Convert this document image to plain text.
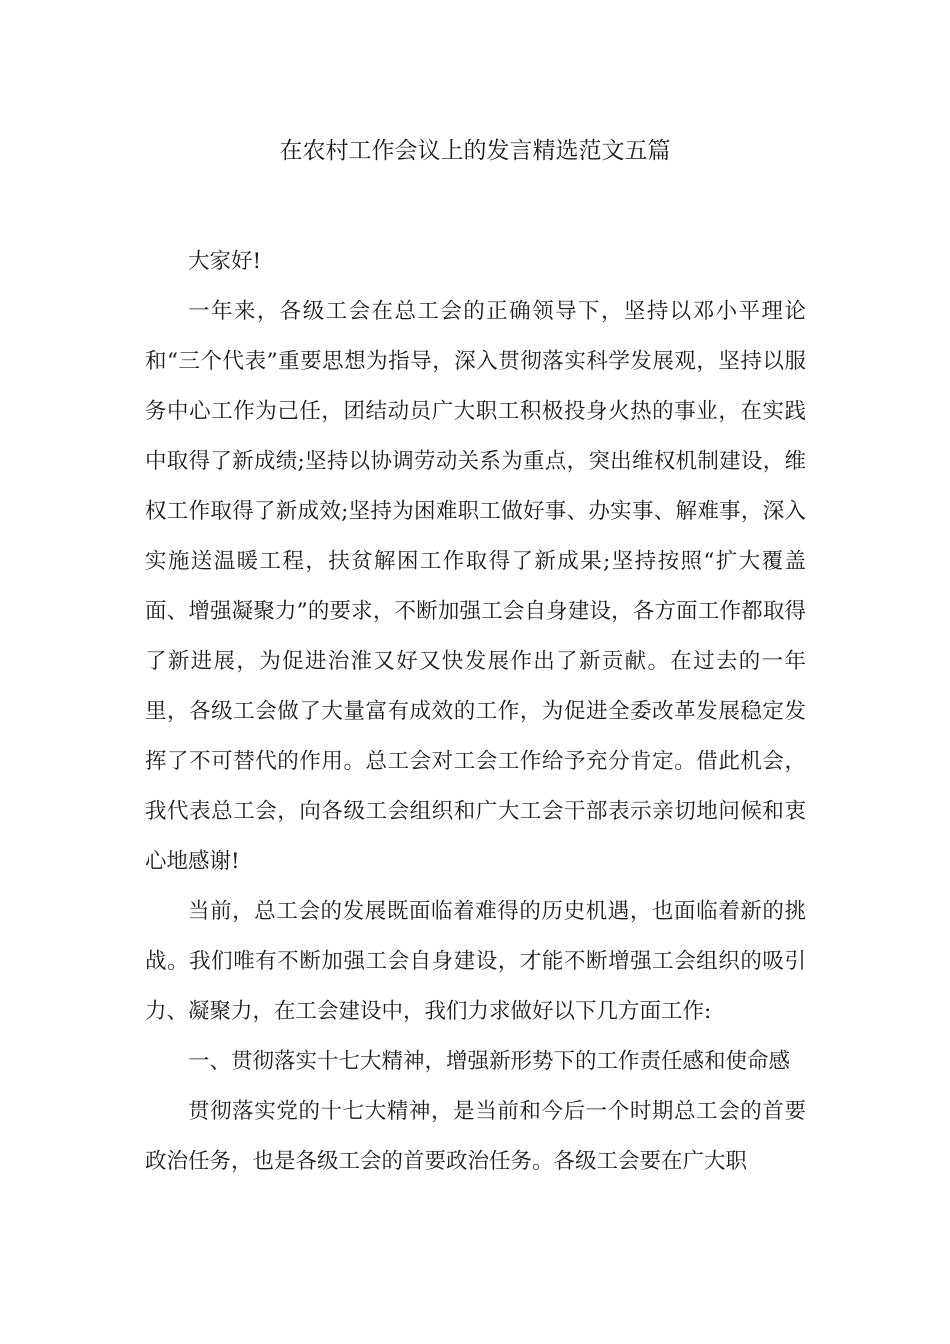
在农村工作会议上的发言精选范文五篇

大家好!

一年来，各级工会在总工会的正确领导下，坚持以邓小平理论和“三个代表”重要思想为指导，深入贯彻落实科学发展观，坚持以服务中心工作为己任，团结动员广大职工积极投身火热的事业，在实践中取得了新成绩;坚持以协调劳动关系为重点，突出维权机制建设，维权工作取得了新成效;坚持为困难职工做好事、办实事、解难事，深入实施送温暖工程，扶贫解困工作取得了新成果;坚持按照“扩大覆盖面、增强凝聚力”的要求，不断加强工会自身建设，各方面工作都取得了新进展，为促进治淮又好又快发展作出了新贡献。在过去的一年里，各级工会做了大量富有成效的工作，为促进全委改革发展稳定发挥了不可替代的作用。总工会对工会工作给予充分肯定。借此机会，我代表总工会，向各级工会组织和广大工会干部表示亲切地问候和衷心地感谢!

当前，总工会的发展既面临着难得的历史机遇，也面临着新的挑战。我们唯有不断加强工会自身建设，才能不断增强工会组织的吸引力、凝聚力，在工会建设中，我们力求做好以下几方面工作:

一、贯彻落实十七大精神，增强新形势下的工作责任感和使命感

贯彻落实党的十七大精神，是当前和今后一个时期总工会的首要政治任务，也是各级工会的首要政治任务。各级工会要在广大职
